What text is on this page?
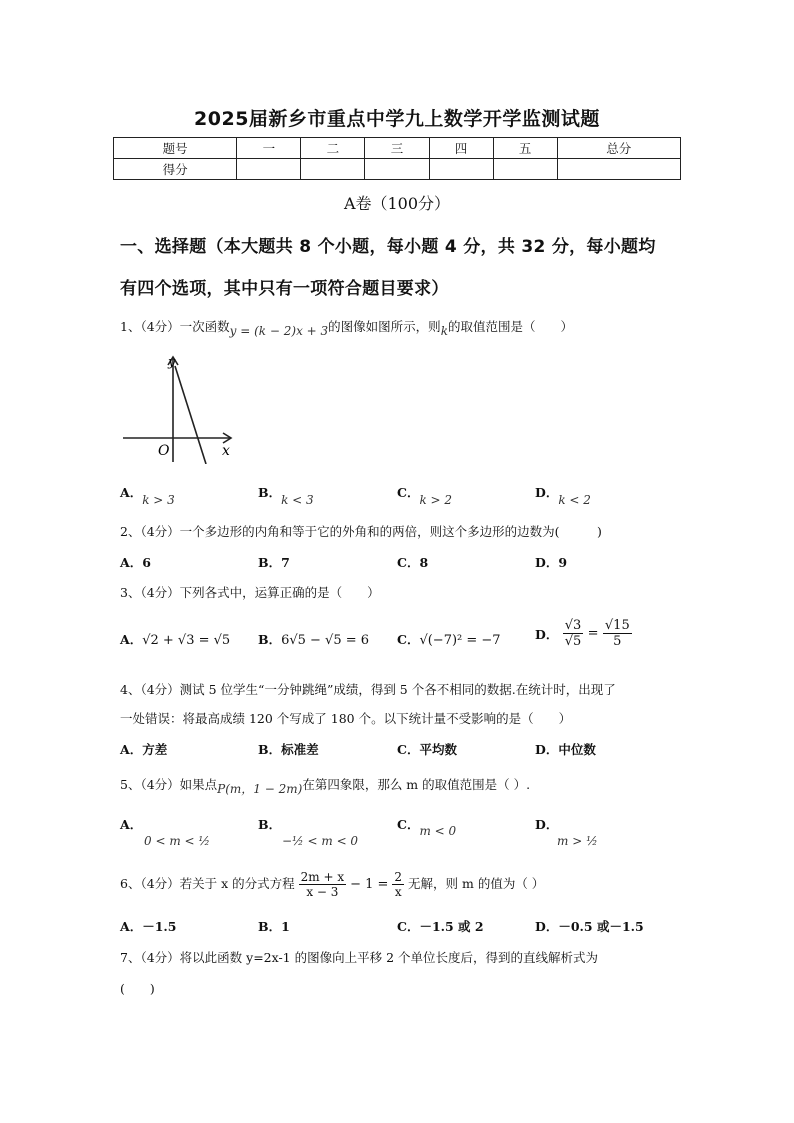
2025届新乡市重点中学九上数学开学监测试题
题号	一	二	三	四	五	总分
得分						
A卷（100分）
一、选择题（本大题共 8 个小题，每小题 4 分，共 32 分，每小题均
有四个选项，其中只有一项符合题目要求）
1、（4分）一次函数y = (k − 2)x + 3的图像如图所示，则k的取值范围是（　　）
y
x
O
A．k > 3	B．k < 3	C．k > 2	D．k < 2
2、（4分）一个多边形的内角和等于它的外角和的两倍，则这个多边形的边数为(　　　)
A．6	B．7	C．8	D．9
3、（4分）下列各式中，运算正确的是（　　）
A．√2 + √3 = √5 B．6√5 − √5 = 6 C．√(−7)² = −7	D． $\frac{√3}{√5} = \frac{√15}{5}$
4、（4分）测试 5 位学生“一分钟跳绳”成绩，得到 5 个各不相同的数据.在统计时，出现了
一处错误：将最高成绩 120 个写成了 180 个。以下统计量不受影响的是（　　）
A．方差	B．标准差	C．平均数	D．中位数
5、（4分）如果点P(m，1 − 2m)在第四象限，那么 m 的取值范围是（ ）.
A．
0 < m < ½
B．
−½ < m < 0
C．m < 0	D．
m > ½
6、（4分）若关于 x 的分式方程 $\frac{2m + x}{x - 3} - 1 = \frac{2}{x}$ 无解，则 m 的值为（ ）
A．－1.5	B．1	C．－1.5 或 2	D．－0.5 或－1.5
7、（4分）将以此函数 y=2x-1 的图像向上平移 2 个单位长度后，得到的直线解析式为
(　　)
